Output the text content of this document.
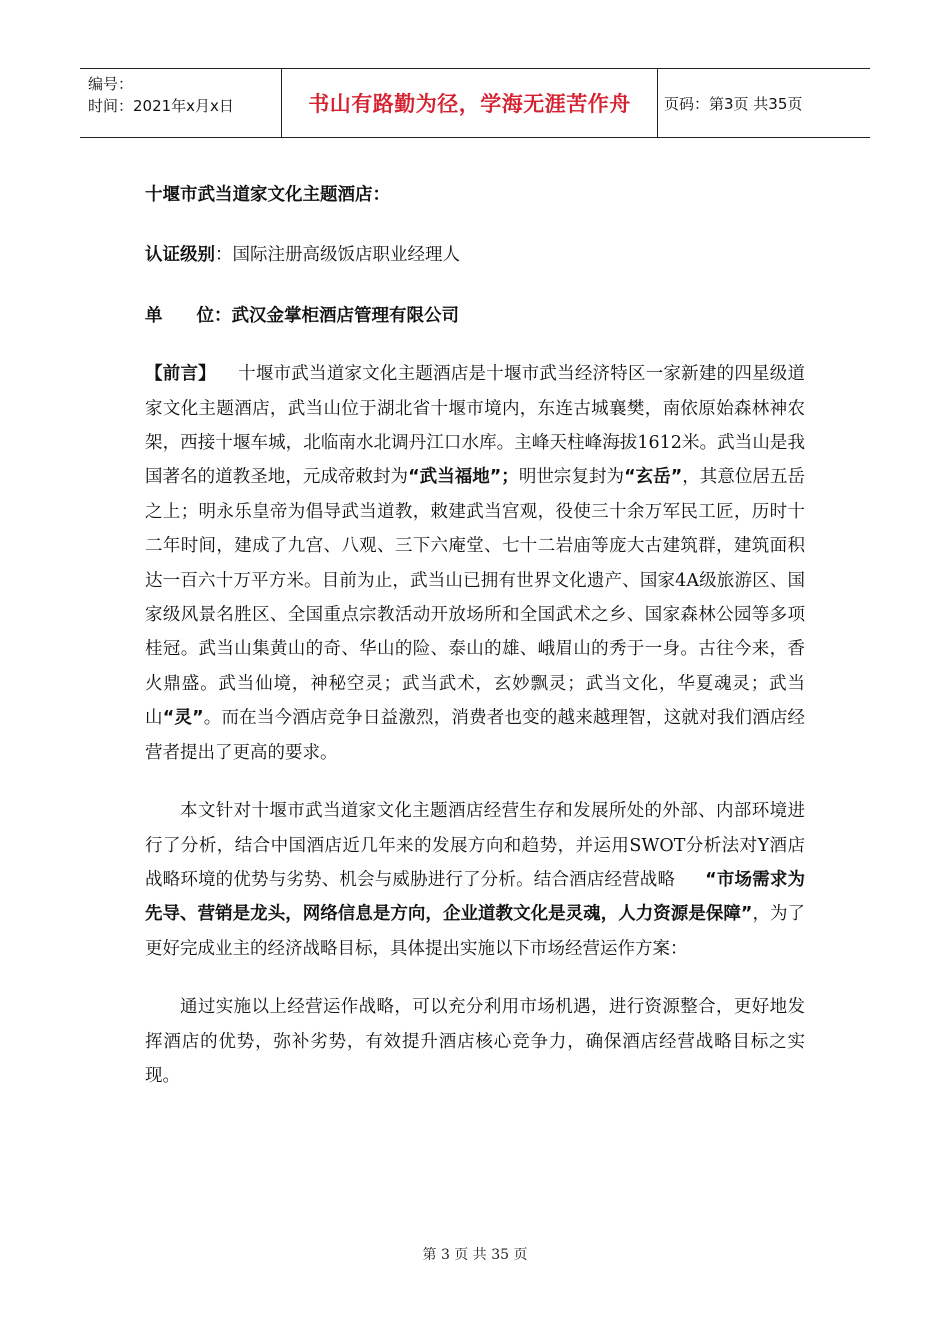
编号：
时间：2021年x月x日	书山有路勤为径，学海无涯苦作舟	页码：第3页 共35页

十堰市武当道家文化主题酒店：

认证级别：国际注册高级饭店职业经理人

单 位：武汉金掌柜酒店管理有限公司

【前言】 十堰市武当道家文化主题酒店是十堰市武当经济特区一家新建的四星级道家文化主题酒店，武当山位于湖北省十堰市境内，东连古城襄樊，南依原始森林神农架，西接十堰车城，北临南水北调丹江口水库。主峰天柱峰海拔1612米。武当山是我国著名的道教圣地，元成帝敕封为“武当福地”；明世宗复封为“玄岳”，其意位居五岳之上；明永乐皇帝为倡导武当道教，敕建武当宫观，役使三十余万军民工匠，历时十二年时间，建成了九宫、八观、三下六庵堂、七十二岩庙等庞大古建筑群，建筑面积达一百六十万平方米。目前为止，武当山已拥有世界文化遗产、国家4A级旅游区、国家级风景名胜区、全国重点宗教活动开放场所和全国武术之乡、国家森林公园等多项桂冠。武当山集黄山的奇、华山的险、泰山的雄、峨眉山的秀于一身。古往今来，香火鼎盛。武当仙境，神秘空灵；武当武术，玄妙飘灵；武当文化，华夏魂灵；武当山“灵”。而在当今酒店竞争日益激烈，消费者也变的越来越理智，这就对我们酒店经营者提出了更高的要求。

本文针对十堰市武当道家文化主题酒店经营生存和发展所处的外部、内部环境进行了分析，结合中国酒店近几年来的发展方向和趋势，并运用SWOT分析法对Y酒店战略环境的优势与劣势、机会与威胁进行了分析。结合酒店经营战略 “市场需求为先导、营销是龙头，网络信息是方向，企业道教文化是灵魂，人力资源是保障”，为了更好完成业主的经济战略目标，具体提出实施以下市场经营运作方案：

通过实施以上经营运作战略，可以充分利用市场机遇，进行资源整合，更好地发挥酒店的优势，弥补劣势，有效提升酒店核心竞争力，确保酒店经营战略目标之实现。

第 3 页 共 35 页
